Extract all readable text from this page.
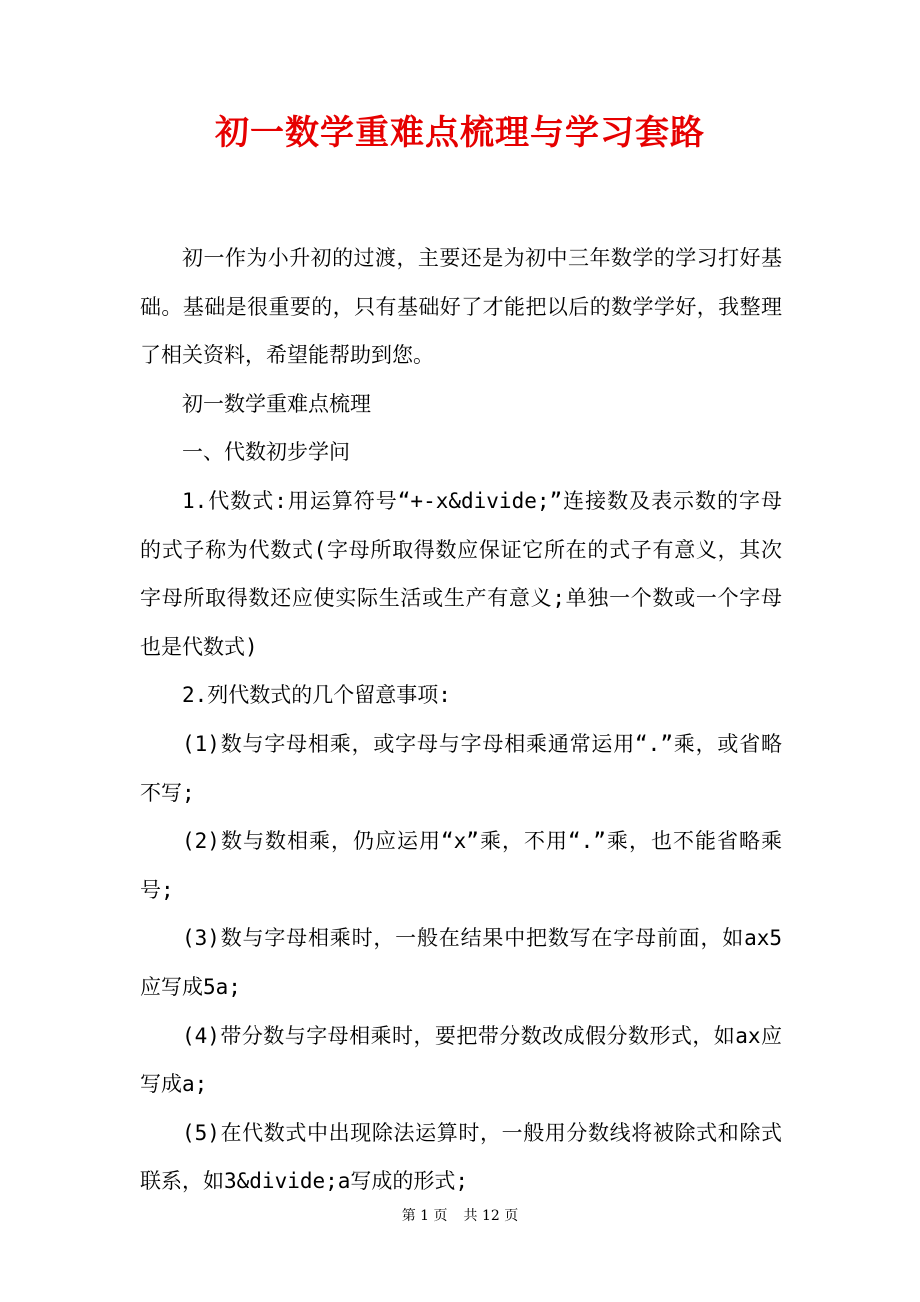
初一数学重难点梳理与学习套路

初一作为小升初的过渡，主要还是为初中三年数学的学习打好基础。基础是很重要的，只有基础好了才能把以后的数学学好，我整理了相关资料，希望能帮助到您。

初一数学重难点梳理

一、代数初步学问

1.代数式:用运算符号“+-x&divide;”连接数及表示数的字母的式子称为代数式(字母所取得数应保证它所在的式子有意义，其次字母所取得数还应使实际生活或生产有意义;单独一个数或一个字母也是代数式)

2.列代数式的几个留意事项:

(1)数与字母相乘，或字母与字母相乘通常运用“.”乘，或省略不写;

(2)数与数相乘，仍应运用“x”乘，不用“.”乘，也不能省略乘号;

(3)数与字母相乘时，一般在结果中把数写在字母前面，如ax5应写成5a;

(4)带分数与字母相乘时，要把带分数改成假分数形式，如ax应写成a;

(5)在代数式中出现除法运算时，一般用分数线将被除式和除式联系，如3&divide;a写成的形式;

第 1 页 共 12 页
